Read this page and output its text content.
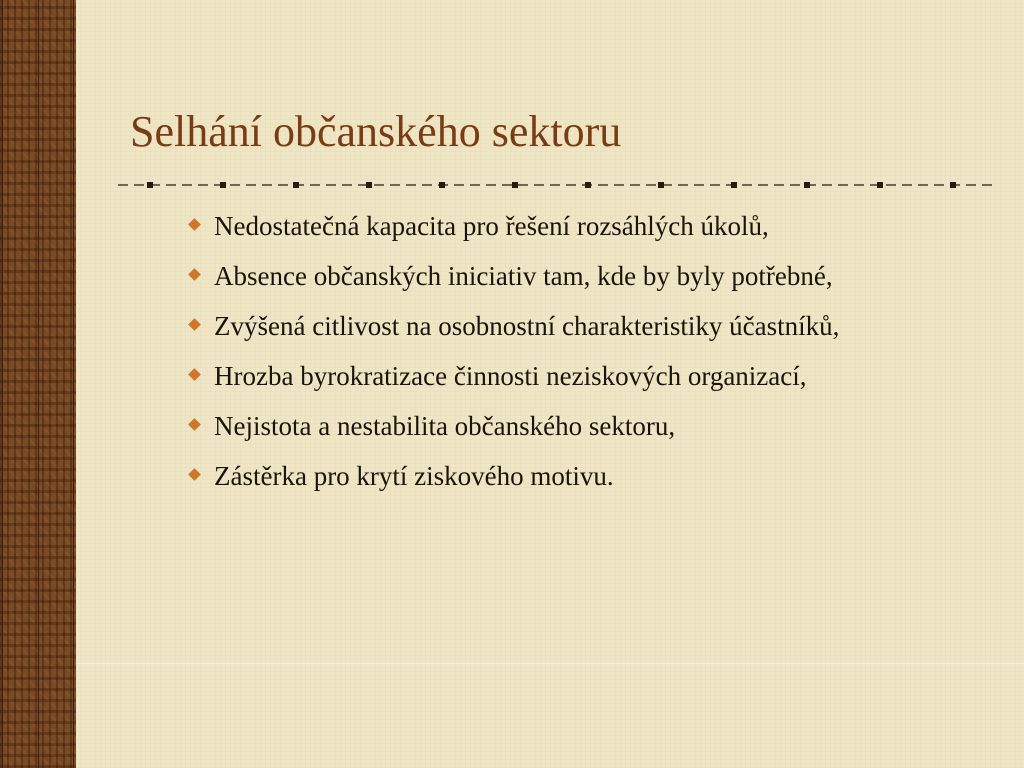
Selhání občanského sektoru
Nedostatečná kapacita pro řešení rozsáhlých úkolů,
Absence občanských iniciativ tam, kde by byly potřebné,
Zvýšená citlivost na osobnostní charakteristiky účastníků,
Hrozba byrokratizace činnosti neziskových organizací,
Nejistota a nestabilita občanského sektoru,
Zástěrka pro krytí ziskového motivu.
